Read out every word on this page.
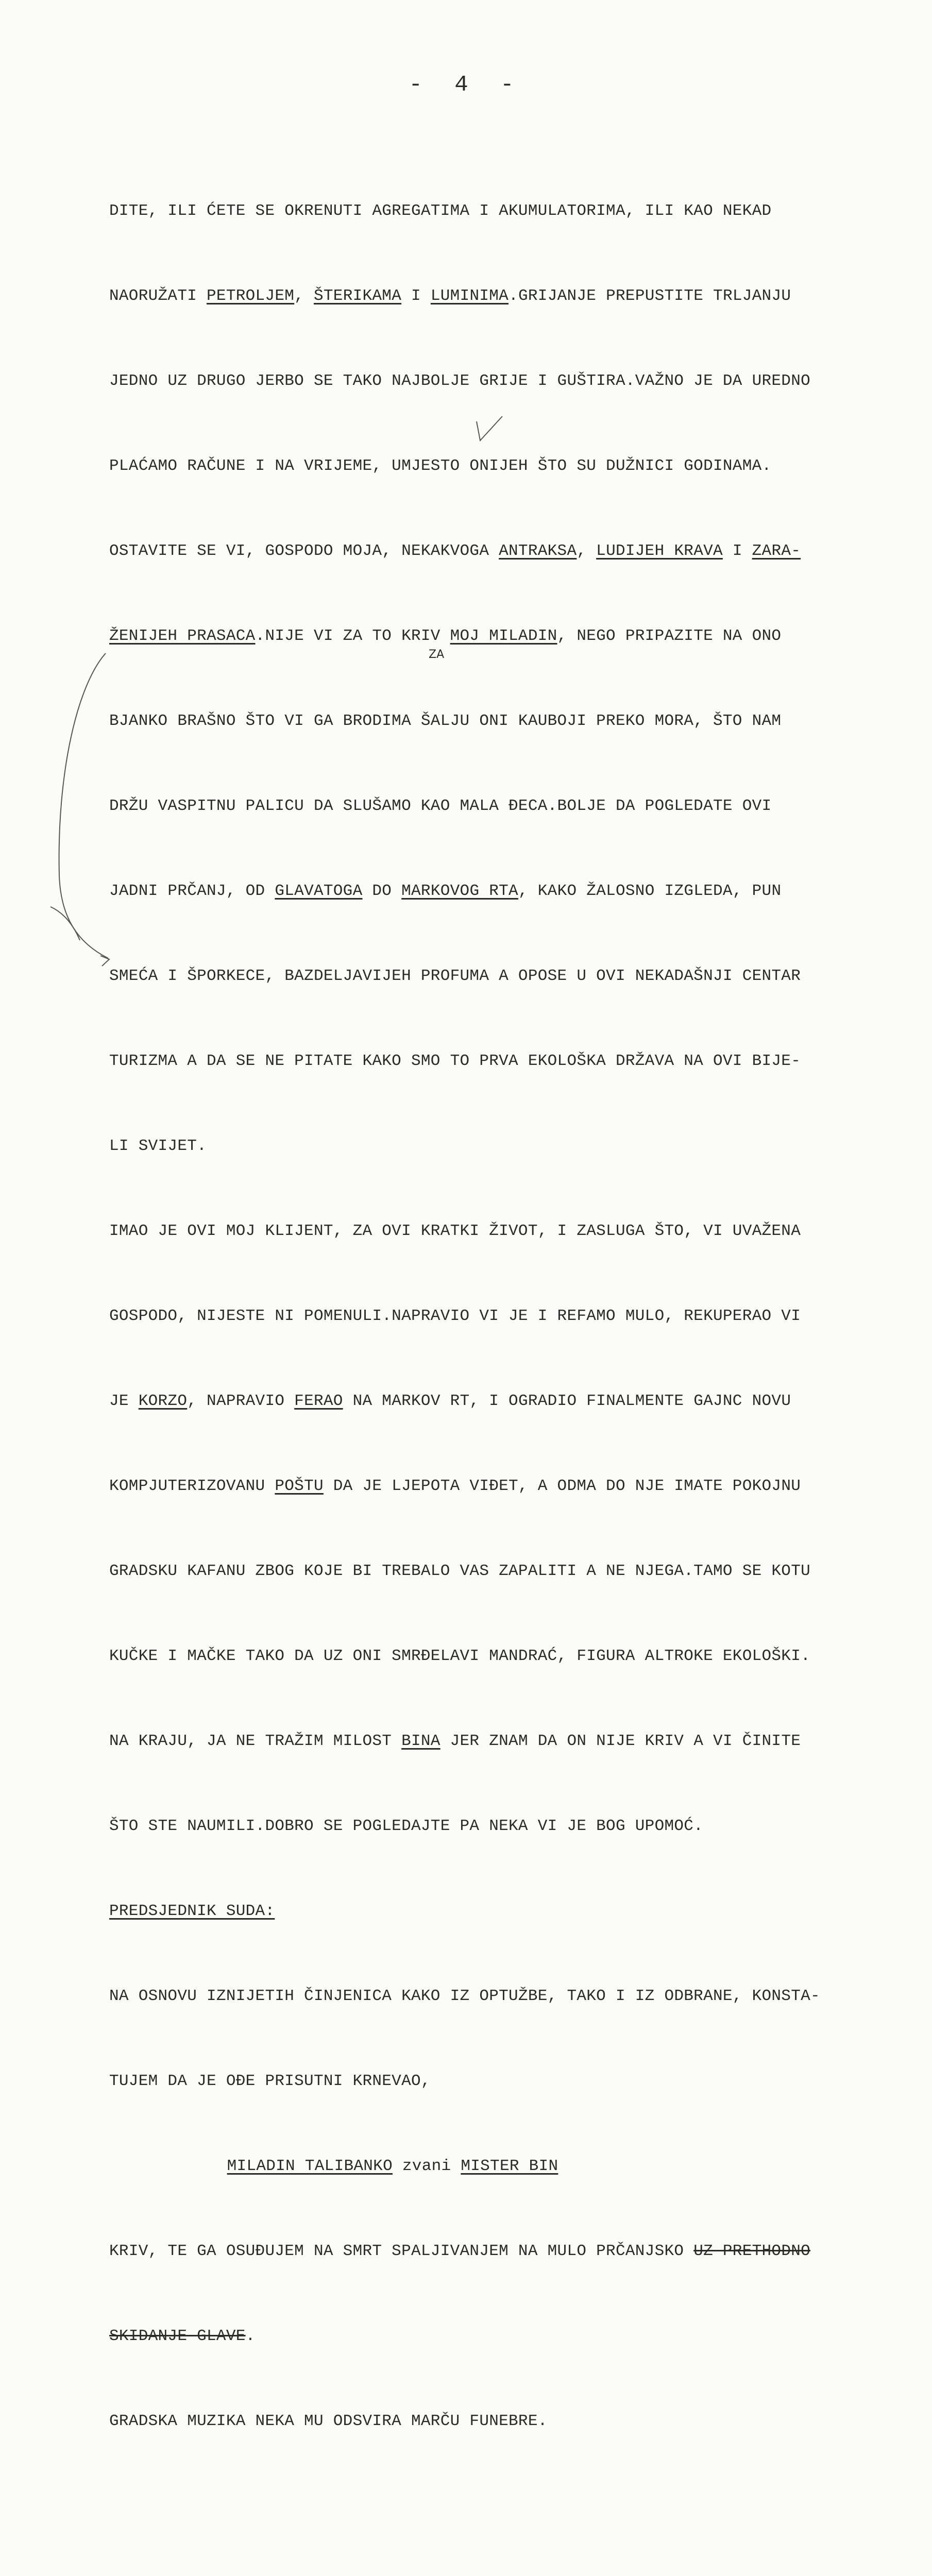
- 4 -

DITE, ILI ĆETE SE OKRENUTI AGREGATIMA I AKUMULATORIMA, ILI KAO NEKAD

NAORUŽATI PETROLJEM, ŠTERIKAMA I LUMINIMA.GRIJANJE PREPUSTITE TRLJANJU

JEDNO UZ DRUGO JERBO SE TAKO NAJBOLJE GRIJE I GUŠTIRA.VAŽNO JE DA UREDNO

PLAĆAMO RAČUNE I NA VRIJEME, UMJESTO ONIJEH ŠTO SU DUŽNICI GODINAMA.

OSTAVITE SE VI, GOSPODO MOJA, NEKAKVOGA ANTRAKSA, LUDIJEH KRAVA I ZARA-

ŽENIJEH PRASACA.NIJE VI ZA TO KRIV MOJ MILADIN, NEGO PRIPAZITE NA ONO

BJANKO BRAŠNO ŠTO VI GA BRODIMA ŠALJU ONI KAUBOJI PREKO MORA, ŠTO NAM

DRŽU VASPITNU PALICU DA SLUŠAMO KAO MALA ĐECA.BOLJE DA POGLEDATE OVI

JADNI PRČANJ, OD GLAVATOGA DO MARKOVOG RTA, KAKO ŽALOSNO IZGLEDA, PUN

SMEĆA I ŠPORKECE, BAZDELJAVIJEH PROFUMA A OPOSE U OVI NEKADAŠNJI CENTAR

TURIZMA A DA SE NE PITATE KAKO SMO TO PRVA EKOLOŠKA DRŽAVA NA OVI BIJE-

LI SVIJET.

IMAO JE OVI MOJ KLIJENT, ZA OVI KRATKI ŽIVOT, I ZASLUGA ŠTO, VI UVAŽENA

GOSPODO, NIJESTE NI POMENULI.NAPRAVIO VI JE I REFAMO MULO, REKUPERAO VI

JE KORZO, NAPRAVIO FERAO NA MARKOV RT, I OGRADIO FINALMENTE GAJNC NOVU

KOMPJUTERIZOVANU POŠTU DA JE LJEPOTA VIĐET, A ODMA DO NJE IMATE POKOJNU

GRADSKU KAFANU ZBOG KOJE BI TREBALO VAS ZAPALITI A NE NJEGA.TAMO SE KOTU

KUČKE I MAČKE TAKO DA UZ ONI SMRĐELAVI MANDRAĆ, FIGURA ALTROKE EKOLOŠKI.

NA KRAJU, JA NE TRAŽIM MILOST BINA JER ZNAM DA ON NIJE KRIV A VI ČINITE

ŠTO STE NAUMILI.DOBRO SE POGLEDAJTE PA NEKA VI JE BOG UPOMOĆ.

PREDSJEDNIK SUDA:

NA OSNOVU IZNIJETIH ČINJENICA KAKO IZ OPTUŽBE, TAKO I IZ ODBRANE, KONSTA-

TUJEM DA JE OĐE PRISUTNI KRNEVAO,

MILADIN TALIBANKO zvani MISTER BIN

KRIV, TE GA OSUĐUJEM NA SMRT SPALJIVANJEM NA MULO PRČANJSKO UZ PRETHODNO

SKIDANJE GLAVE.

GRADSKA MUZIKA NEKA MU ODSVIRA MARČU FUNEBRE.

ZA
